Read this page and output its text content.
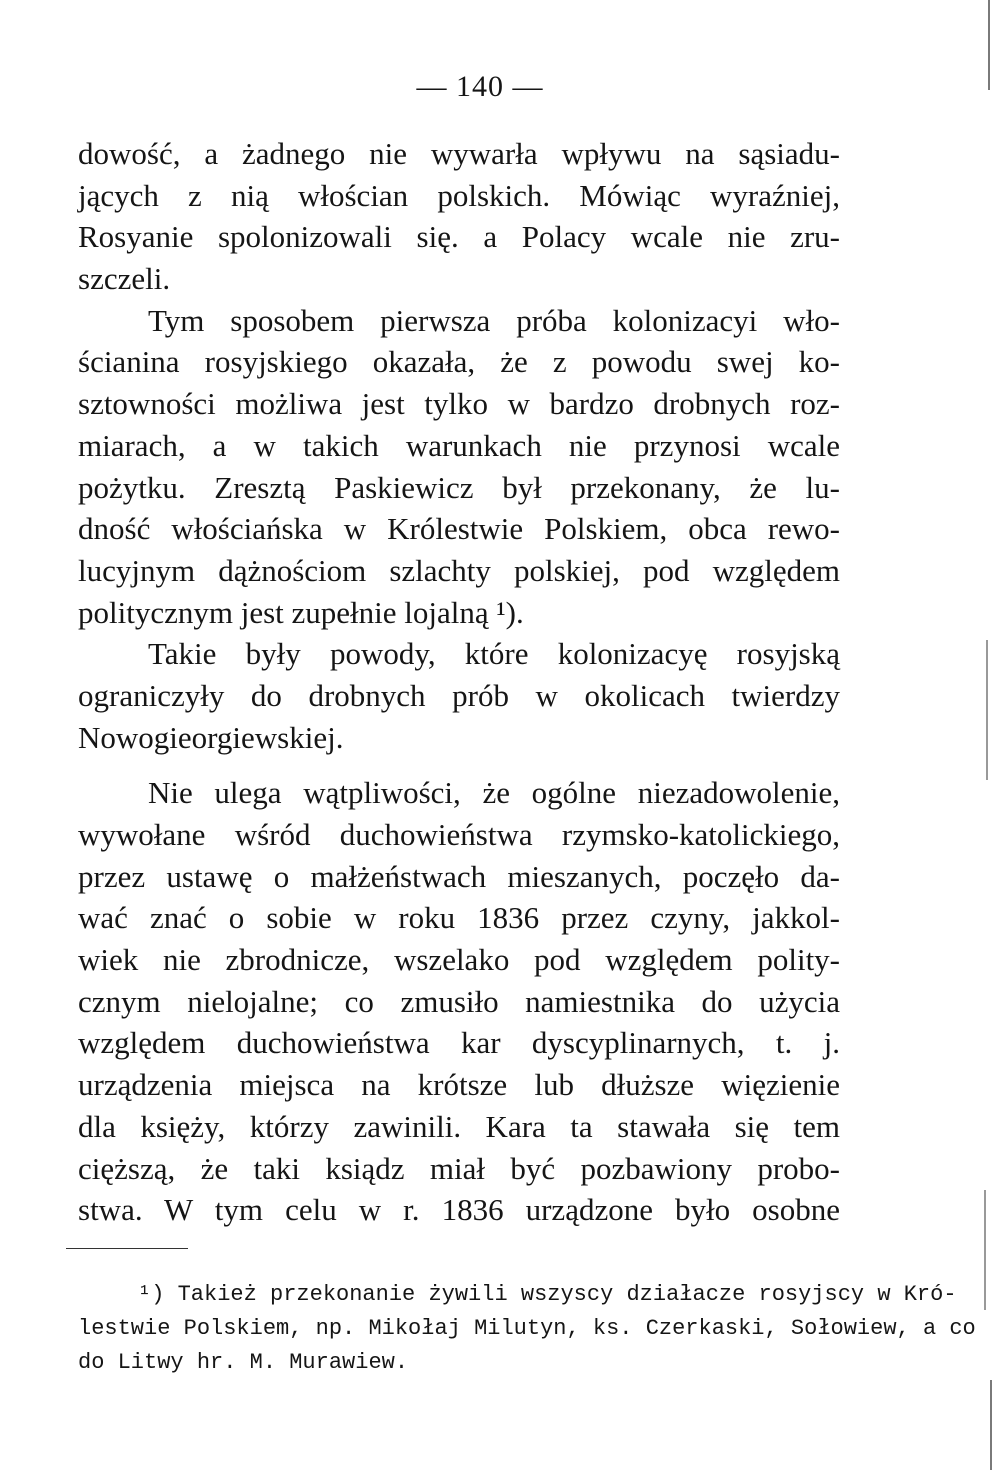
— 140 —
dowość, a żadnego nie wywarła wpływu na sąsiadu-
jących z nią włościan polskich. Mówiąc wyraźniej,
Rosyanie spolonizowali się. a Polacy wcale nie zru-
szczeli.
Tym sposobem pierwsza próba kolonizacyi wło-
ścianina rosyjskiego okazała, że z powodu swej ko-
sztowności możliwa jest tylko w bardzo drobnych roz-
miarach, a w takich warunkach nie przynosi wcale
pożytku. Zresztą Paskiewicz był przekonany, że lu-
dność włościańska w Królestwie Polskiem, obca rewo-
lucyjnym dążnościom szlachty polskiej, pod względem
politycznym jest zupełnie lojalną ¹).
Takie były powody, które kolonizacyę rosyjską
ograniczyły do drobnych prób w okolicach twierdzy
Nowogieorgiewskiej.
Nie ulega wątpliwości, że ogólne niezadowolenie,
wywołane wśród duchowieństwa rzymsko-katolickiego,
przez ustawę o małżeństwach mieszanych, poczęło da-
wać znać o sobie w roku 1836 przez czyny, jakkol-
wiek nie zbrodnicze, wszelako pod względem polity-
cznym nielojalne; co zmusiło namiestnika do użycia
względem duchowieństwa kar dyscyplinarnych, t. j.
urządzenia miejsca na krótsze lub dłuższe więzienie
dla księży, którzy zawinili. Kara ta stawała się tem
cięższą, że taki ksiądz miał być pozbawiony probo-
stwa. W tym celu w r. 1836 urządzone było osobne
¹) Takież przekonanie żywili wszyscy działacze rosyjscy w Kró-
lestwie Polskiem, np. Mikołaj Milutyn, ks. Czerkaski, Sołowiew, a co
do Litwy hr. M. Murawiew.
